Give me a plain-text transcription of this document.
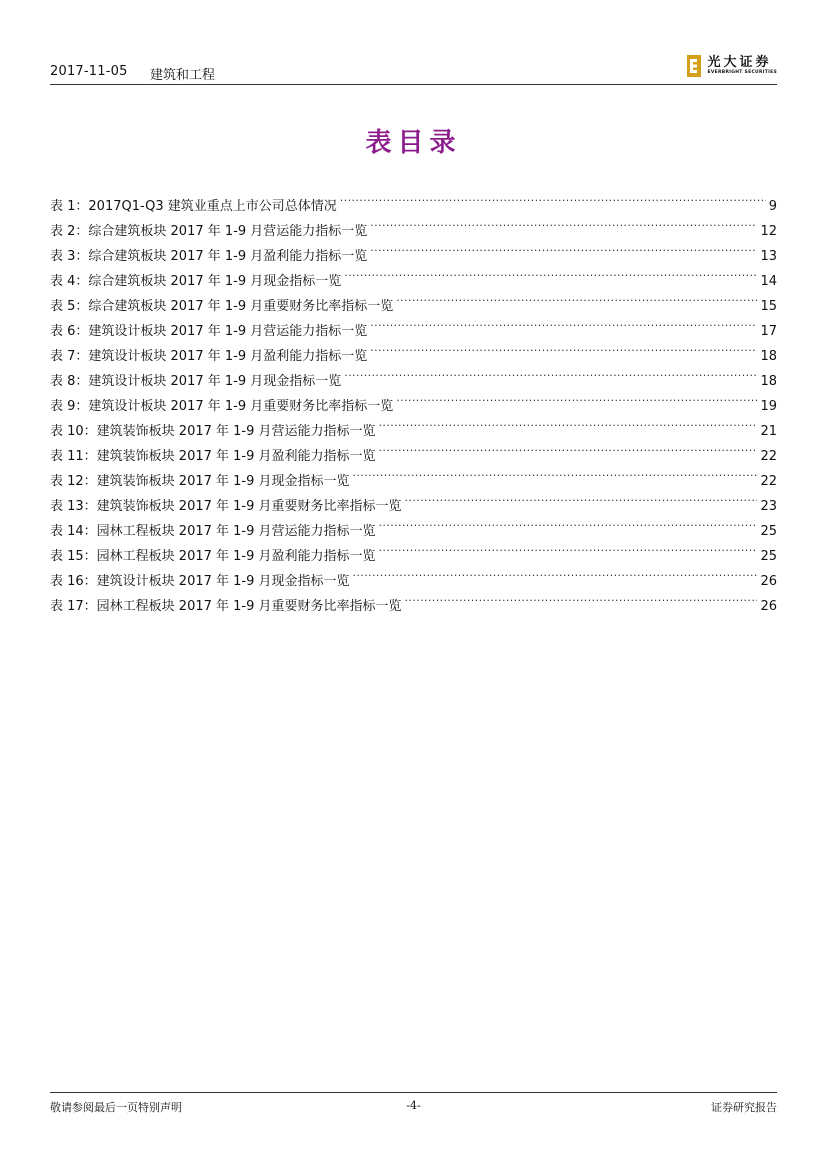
2017-11-05 建筑和工程
光大证券
EVERBRIGHT SECURITIES
表目录
表 1：2017Q1-Q3 建筑业重点上市公司总体情况 .....	9
表 2：综合建筑板块 2017 年 1-9 月营运能力指标一览 .....	12
表 3：综合建筑板块 2017 年 1-9 月盈利能力指标一览 .....	13
表 4：综合建筑板块 2017 年 1-9 月现金指标一览 .....	14
表 5：综合建筑板块 2017 年 1-9 月重要财务比率指标一览 .....	15
表 6：建筑设计板块 2017 年 1-9 月营运能力指标一览 .....	17
表 7：建筑设计板块 2017 年 1-9 月盈利能力指标一览 .....	18
表 8：建筑设计板块 2017 年 1-9 月现金指标一览 .....	18
表 9：建筑设计板块 2017 年 1-9 月重要财务比率指标一览 .....	19
表 10：建筑装饰板块 2017 年 1-9 月营运能力指标一览 .....	21
表 11：建筑装饰板块 2017 年 1-9 月盈利能力指标一览 .....	22
表 12：建筑装饰板块 2017 年 1-9 月现金指标一览 .....	22
表 13：建筑装饰板块 2017 年 1-9 月重要财务比率指标一览 .....	23
表 14：园林工程板块 2017 年 1-9 月营运能力指标一览 .....	25
表 15：园林工程板块 2017 年 1-9 月盈利能力指标一览 .....	25
表 16：建筑设计板块 2017 年 1-9 月现金指标一览 .....	26
表 17：园林工程板块 2017 年 1-9 月重要财务比率指标一览 .....	26
敬请参阅最后一页特别声明	-4-	证券研究报告
